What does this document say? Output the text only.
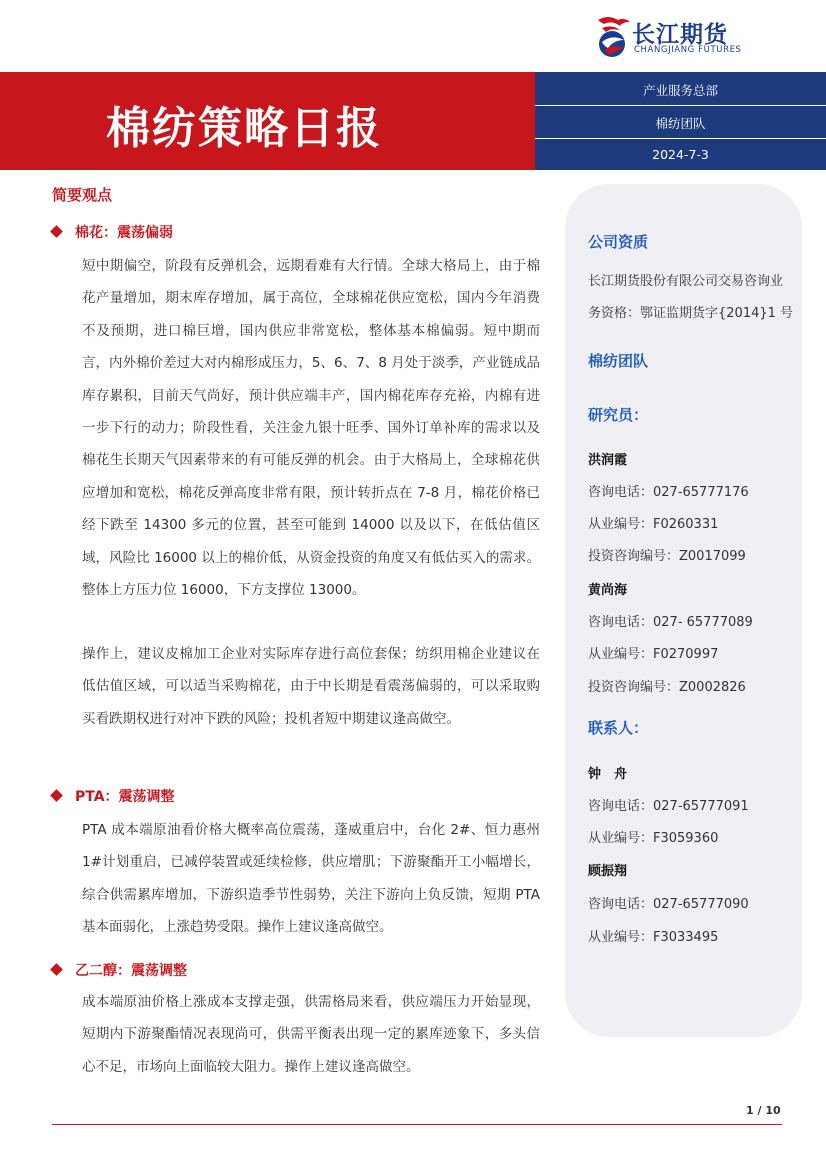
长江期货
CHANGJIANG FUTURES
棉纺策略日报
产业服务总部
棉纺团队
2024-7-3
简要观点
棉花：震荡偏弱
短中期偏空，阶段有反弹机会，远期看难有大行情。全球大格局上，由于棉花产量增加，期末库存增加，属于高位，全球棉花供应宽松，国内今年消费不及预期，进口棉巨增，国内供应非常宽松，整体基本棉偏弱。短中期而言，内外棉价差过大对内棉形成压力，5、6、7、8 月处于淡季，产业链成品库存累积，目前天气尚好，预计供应端丰产，国内棉花库存充裕，内棉有进一步下行的动力；阶段性看，关注金九银十旺季、国外订单补库的需求以及棉花生长期天气因素带来的有可能反弹的机会。由于大格局上，全球棉花供应增加和宽松，棉花反弹高度非常有限，预计转折点在 7-8 月，棉花价格已经下跌至 14300 多元的位置，甚至可能到 14000 以及以下，在低估值区域，风险比 16000 以上的棉价低，从资金投资的角度又有低估买入的需求。整体上方压力位 16000，下方支撑位 13000。
操作上，建议皮棉加工企业对实际库存进行高位套保；纺织用棉企业建议在低估值区域，可以适当采购棉花，由于中长期是看震荡偏弱的，可以采取购买看跌期权进行对冲下跌的风险；投机者短中期建议逢高做空。
PTA：震荡调整
PTA 成本端原油看价格大概率高位震荡，蓬威重启中，台化 2#、恒力惠州 1#计划重启，已减停装置或延续检修，供应增肌；下游聚酯开工小幅增长，综合供需累库增加，下游织造季节性弱势，关注下游向上负反馈，短期 PTA 基本面弱化，上涨趋势受限。操作上建议逢高做空。
乙二醇：震荡调整
成本端原油价格上涨成本支撑走强，供需格局来看，供应端压力开始显现，短期内下游聚酯情况表现尚可，供需平衡表出现一定的累库迹象下，多头信心不足，市场向上面临较大阻力。操作上建议逢高做空。
公司资质
长江期货股份有限公司交易咨询业
务资格：鄂证监期货字{2014}1 号
棉纺团队
研究员：
洪润霞
咨询电话：027-65777176
从业编号：F0260331
投资咨询编号：Z0017099
黄尚海
咨询电话：027- 65777089
从业编号：F0270997
投资咨询编号：Z0002826
联系人：
钟　舟
咨询电话：027-65777091
从业编号：F3059360
顾振翔
咨询电话：027-65777090
从业编号：F3033495
1 / 10
